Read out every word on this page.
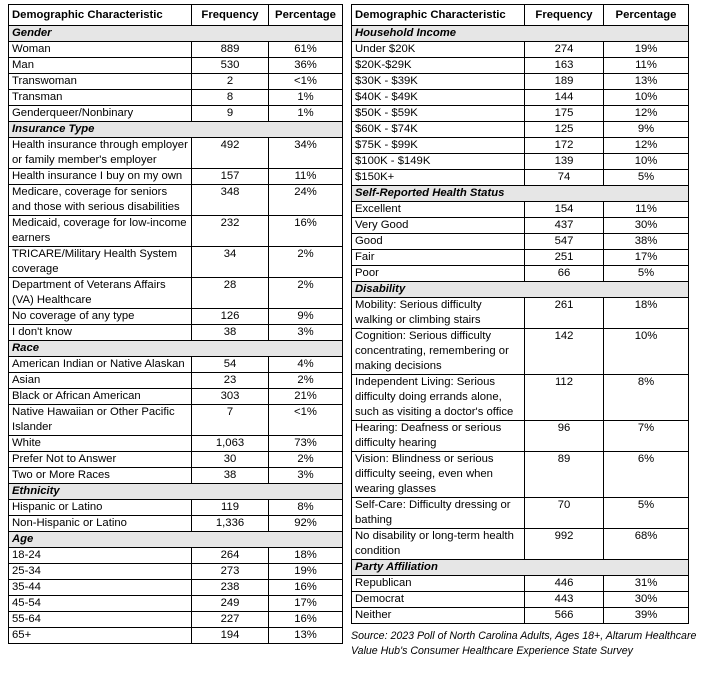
Demographic Characteristic	Frequency	Percentage
Gender		
Woman	889	61%
Man	530	36%
Transwoman	2	<1%
Transman	8	1%
Genderqueer/Nonbinary	9	1%
Insurance Type		
Health insurance through employer or family member's employer	492	34%
Health insurance I buy on my own	157	11%
Medicare, coverage for seniors and those with serious disabilities	348	24%
Medicaid, coverage for low-income earners	232	16%
TRICARE/Military Health System coverage	34	2%
Department of Veterans Affairs (VA) Healthcare	28	2%
No coverage of any type	126	9%
I don't know	38	3%
Race		
American Indian or Native Alaskan	54	4%
Asian	23	2%
Black or African American	303	21%
Native Hawaiian or Other Pacific Islander	7	<1%
White	1,063	73%
Prefer Not to Answer	30	2%
Two or More Races	38	3%
Ethnicity		
Hispanic or Latino	119	8%
Non-Hispanic or Latino	1,336	92%
Age		
18-24	264	18%
25-34	273	19%
35-44	238	16%
45-54	249	17%
55-64	227	16%
65+	194	13%
Demographic Characteristic	Frequency	Percentage
Household Income		
Under $20K	274	19%
$20K-$29K	163	11%
$30K - $39K	189	13%
$40K - $49K	144	10%
$50K - $59K	175	12%
$60K - $74K	125	9%
$75K - $99K	172	12%
$100K - $149K	139	10%
$150K+	74	5%
Self-Reported Health Status		
Excellent	154	11%
Very Good	437	30%
Good	547	38%
Fair	251	17%
Poor	66	5%
Disability		
Mobility: Serious difficulty walking or climbing stairs	261	18%
Cognition: Serious difficulty concentrating, remembering or making decisions	142	10%
Independent Living: Serious difficulty doing errands alone, such as visiting a doctor's office	112	8%
Hearing: Deafness or serious difficulty hearing	96	7%
Vision: Blindness or serious difficulty seeing, even when wearing glasses	89	6%
Self-Care: Difficulty dressing or bathing	70	5%
No disability or long-term health condition	992	68%
Party Affiliation		
Republican	446	31%
Democrat	443	30%
Neither	566	39%
Source: 2023 Poll of North Carolina Adults, Ages 18+, Altarum Healthcare Value Hub's Consumer Healthcare Experience State Survey
